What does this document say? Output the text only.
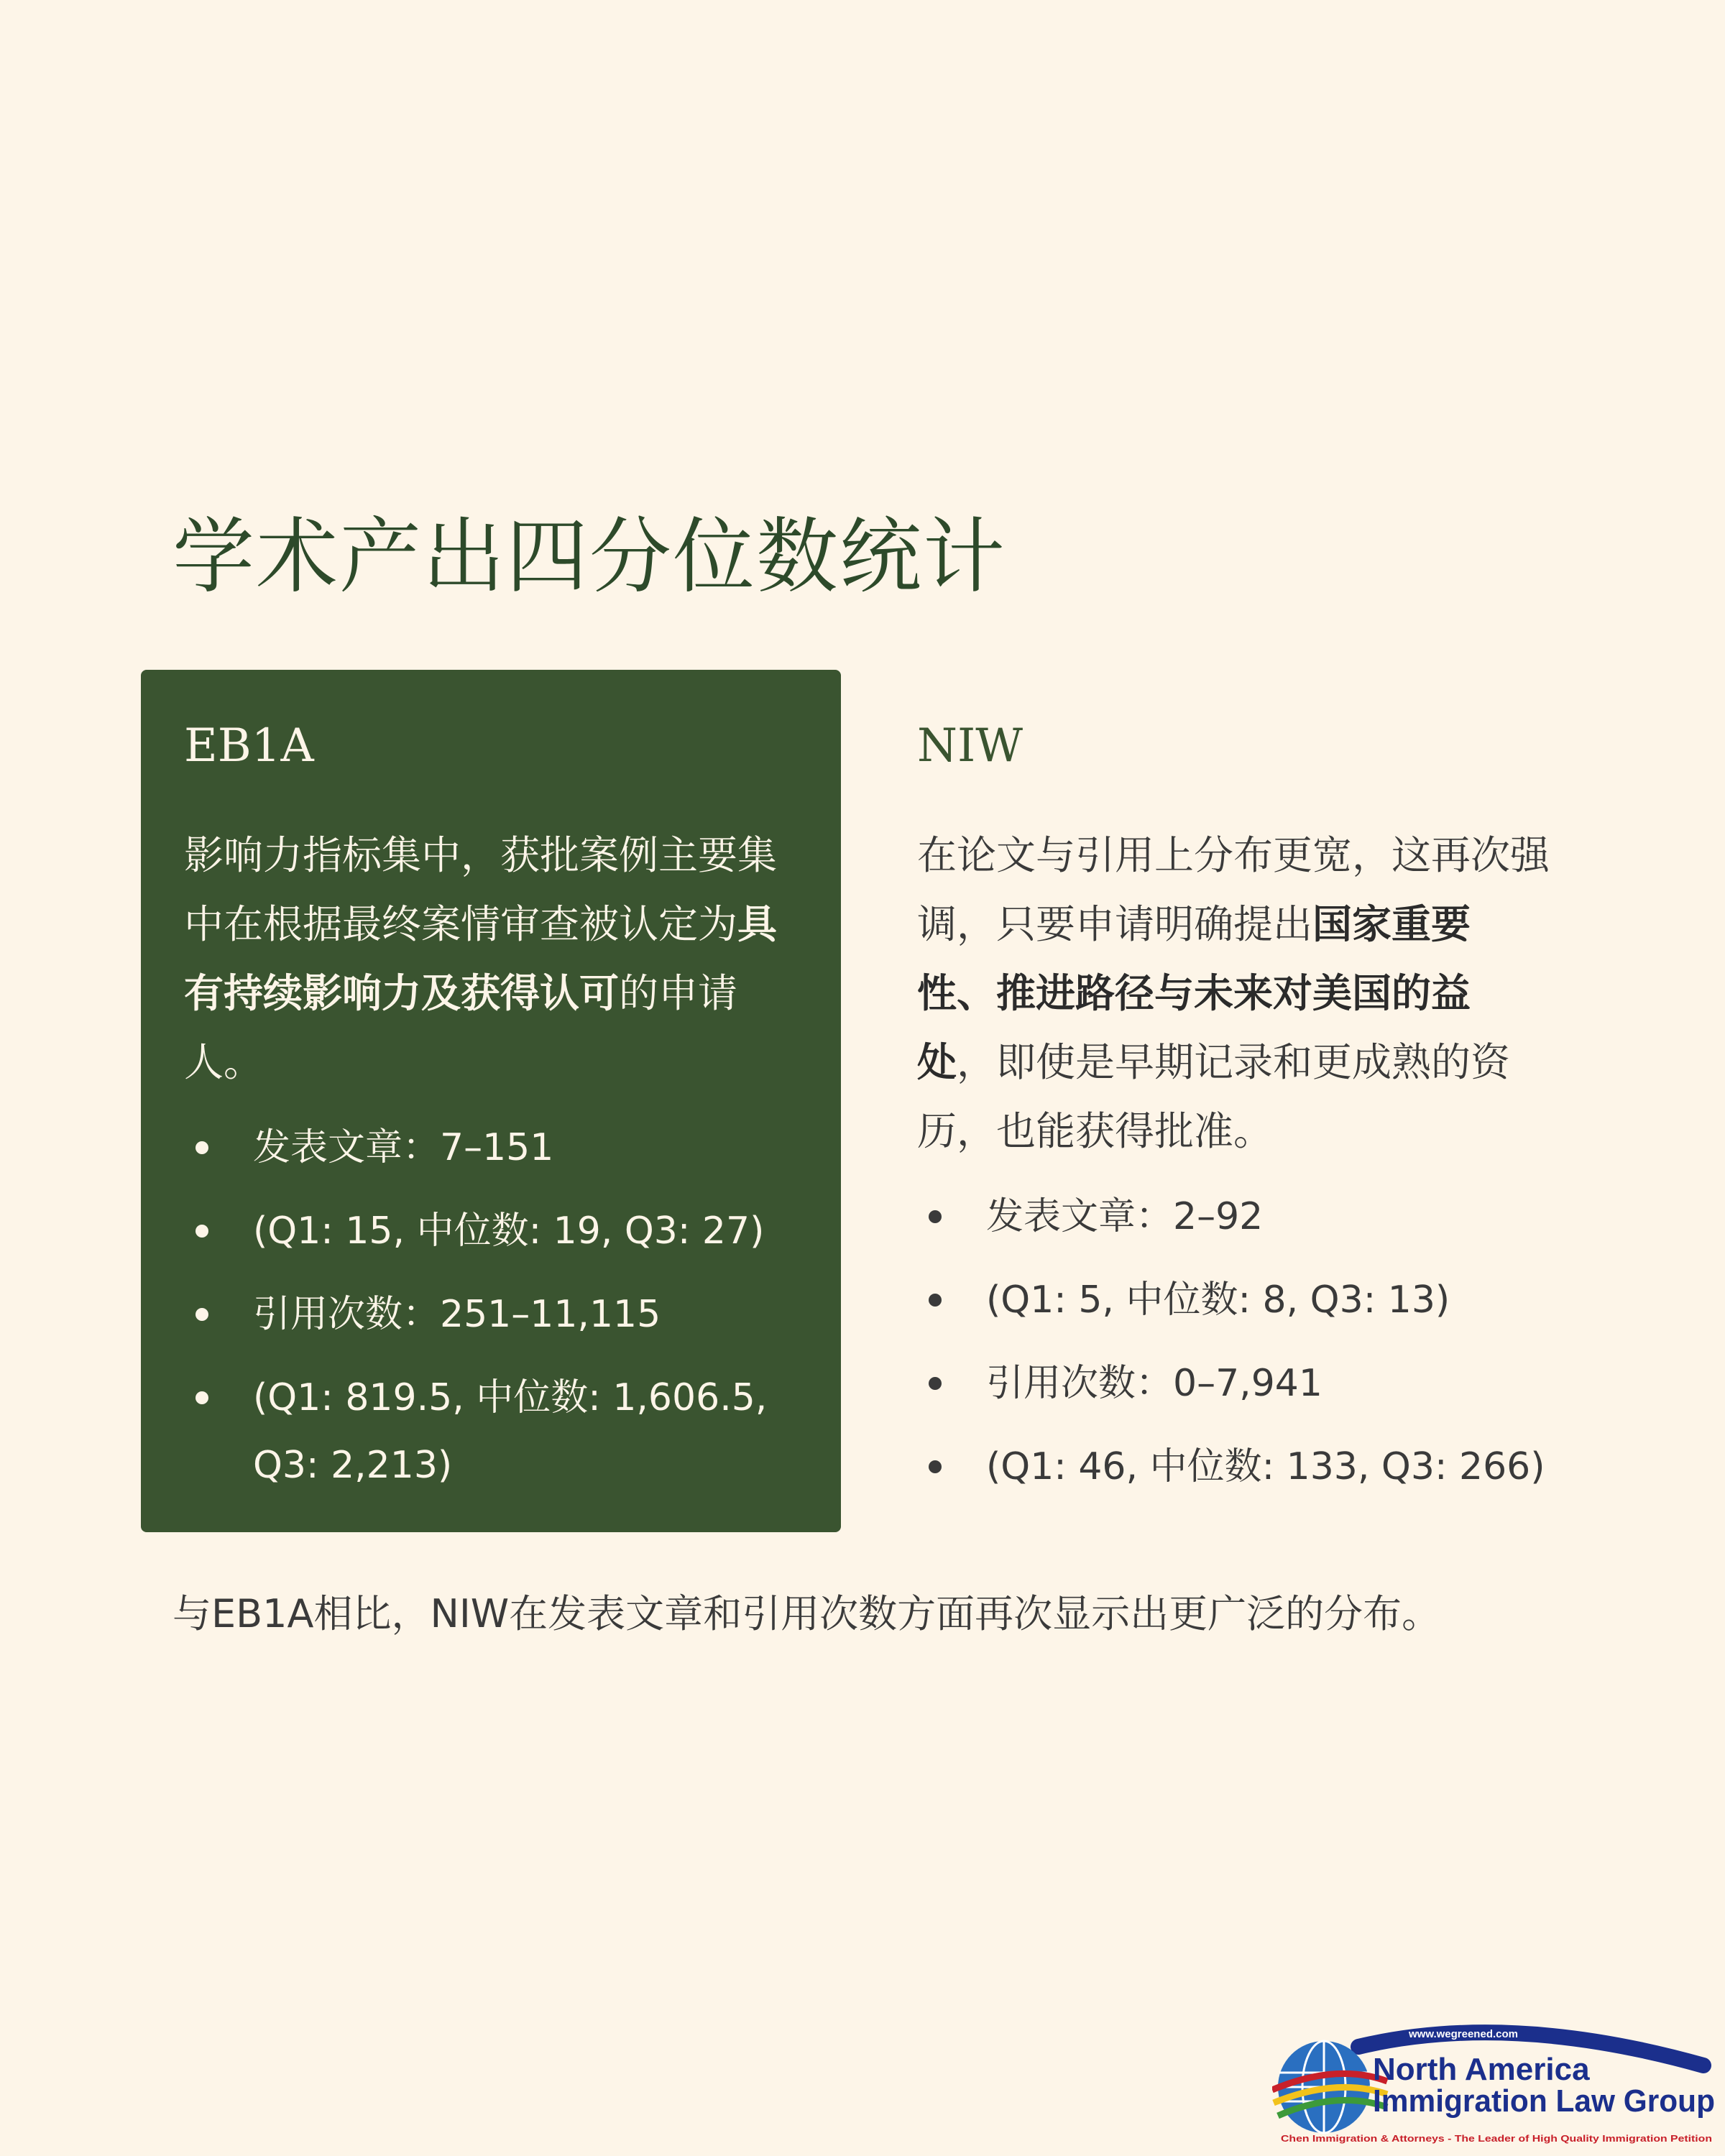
学术产出四分位数统计
EB1A

影响力指标集中，获批案例主要集中在根据最终案情审查被认定为具有持续影响力及获得认可的申请人。

发表文章：7–151
(Q1: 15, 中位数: 19, Q3: 27)
引用次数：251–11,115
(Q1: 819.5, 中位数: 1,606.5, Q3: 2,213)
NIW

在论文与引用上分布更宽，这再次强调，只要申请明确提出国家重要性、推进路径与未来对美国的益处，即使是早期记录和更成熟的资历，也能获得批准。

发表文章：2–92
(Q1: 5, 中位数: 8, Q3: 13)
引用次数：0–7,941
(Q1: 46, 中位数: 133, Q3: 266)

与EB1A相比，NIW在发表文章和引用次数方面再次显示出更广泛的分布。

www.wegreened.com
North America
Immigration Law Group
Chen Immigration & Attorneys - The Leader of High Quality Immigration Petition
